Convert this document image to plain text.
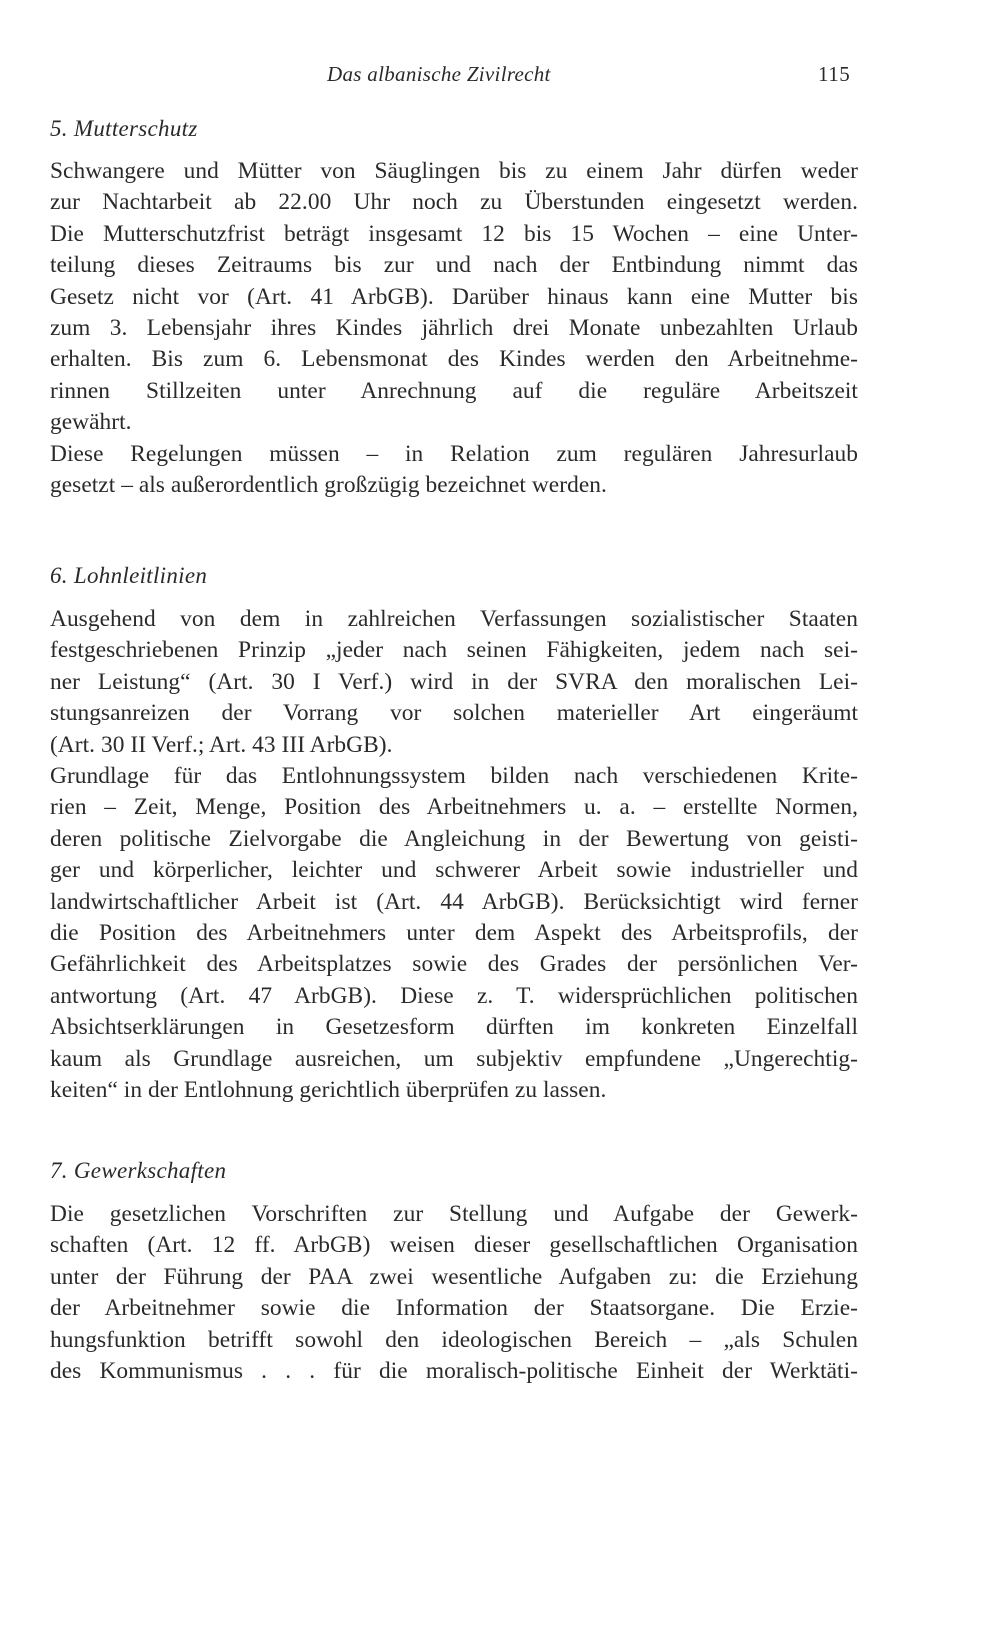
Das albanische Zivilrecht	115
5. Mutterschutz
Schwangere und Mütter von Säuglingen bis zu einem Jahr dürfen weder
zur Nachtarbeit ab 22.00 Uhr noch zu Überstunden eingesetzt werden.
Die Mutterschutzfrist beträgt insgesamt 12 bis 15 Wochen – eine Unter-
teilung dieses Zeitraums bis zur und nach der Entbindung nimmt das
Gesetz nicht vor (Art. 41 ArbGB). Darüber hinaus kann eine Mutter bis
zum 3. Lebensjahr ihres Kindes jährlich drei Monate unbezahlten Urlaub
erhalten. Bis zum 6. Lebensmonat des Kindes werden den Arbeitnehme-
rinnen Stillzeiten unter Anrechnung auf die reguläre Arbeitszeit
gewährt.
Diese Regelungen müssen – in Relation zum regulären Jahresurlaub
gesetzt – als außerordentlich großzügig bezeichnet werden.
6. Lohnleitlinien
Ausgehend von dem in zahlreichen Verfassungen sozialistischer Staaten
festgeschriebenen Prinzip „jeder nach seinen Fähigkeiten, jedem nach sei-
ner Leistung“ (Art. 30 I Verf.) wird in der SVRA den moralischen Lei-
stungsanreizen der Vorrang vor solchen materieller Art eingeräumt
(Art. 30 II Verf.; Art. 43 III ArbGB).
Grundlage für das Entlohnungssystem bilden nach verschiedenen Krite-
rien – Zeit, Menge, Position des Arbeitnehmers u. a. – erstellte Normen,
deren politische Zielvorgabe die Angleichung in der Bewertung von geisti-
ger und körperlicher, leichter und schwerer Arbeit sowie industrieller und
landwirtschaftlicher Arbeit ist (Art. 44 ArbGB). Berücksichtigt wird ferner
die Position des Arbeitnehmers unter dem Aspekt des Arbeitsprofils, der
Gefährlichkeit des Arbeitsplatzes sowie des Grades der persönlichen Ver-
antwortung (Art. 47 ArbGB). Diese z. T. widersprüchlichen politischen
Absichtserklärungen in Gesetzesform dürften im konkreten Einzelfall
kaum als Grundlage ausreichen, um subjektiv empfundene „Ungerechtig-
keiten“ in der Entlohnung gerichtlich überprüfen zu lassen.
7. Gewerkschaften
Die gesetzlichen Vorschriften zur Stellung und Aufgabe der Gewerk-
schaften (Art. 12 ff. ArbGB) weisen dieser gesellschaftlichen Organisation
unter der Führung der PAA zwei wesentliche Aufgaben zu: die Erziehung
der Arbeitnehmer sowie die Information der Staatsorgane. Die Erzie-
hungsfunktion betrifft sowohl den ideologischen Bereich – „als Schulen
des Kommunismus . . . für die moralisch-politische Einheit der Werktäti-
